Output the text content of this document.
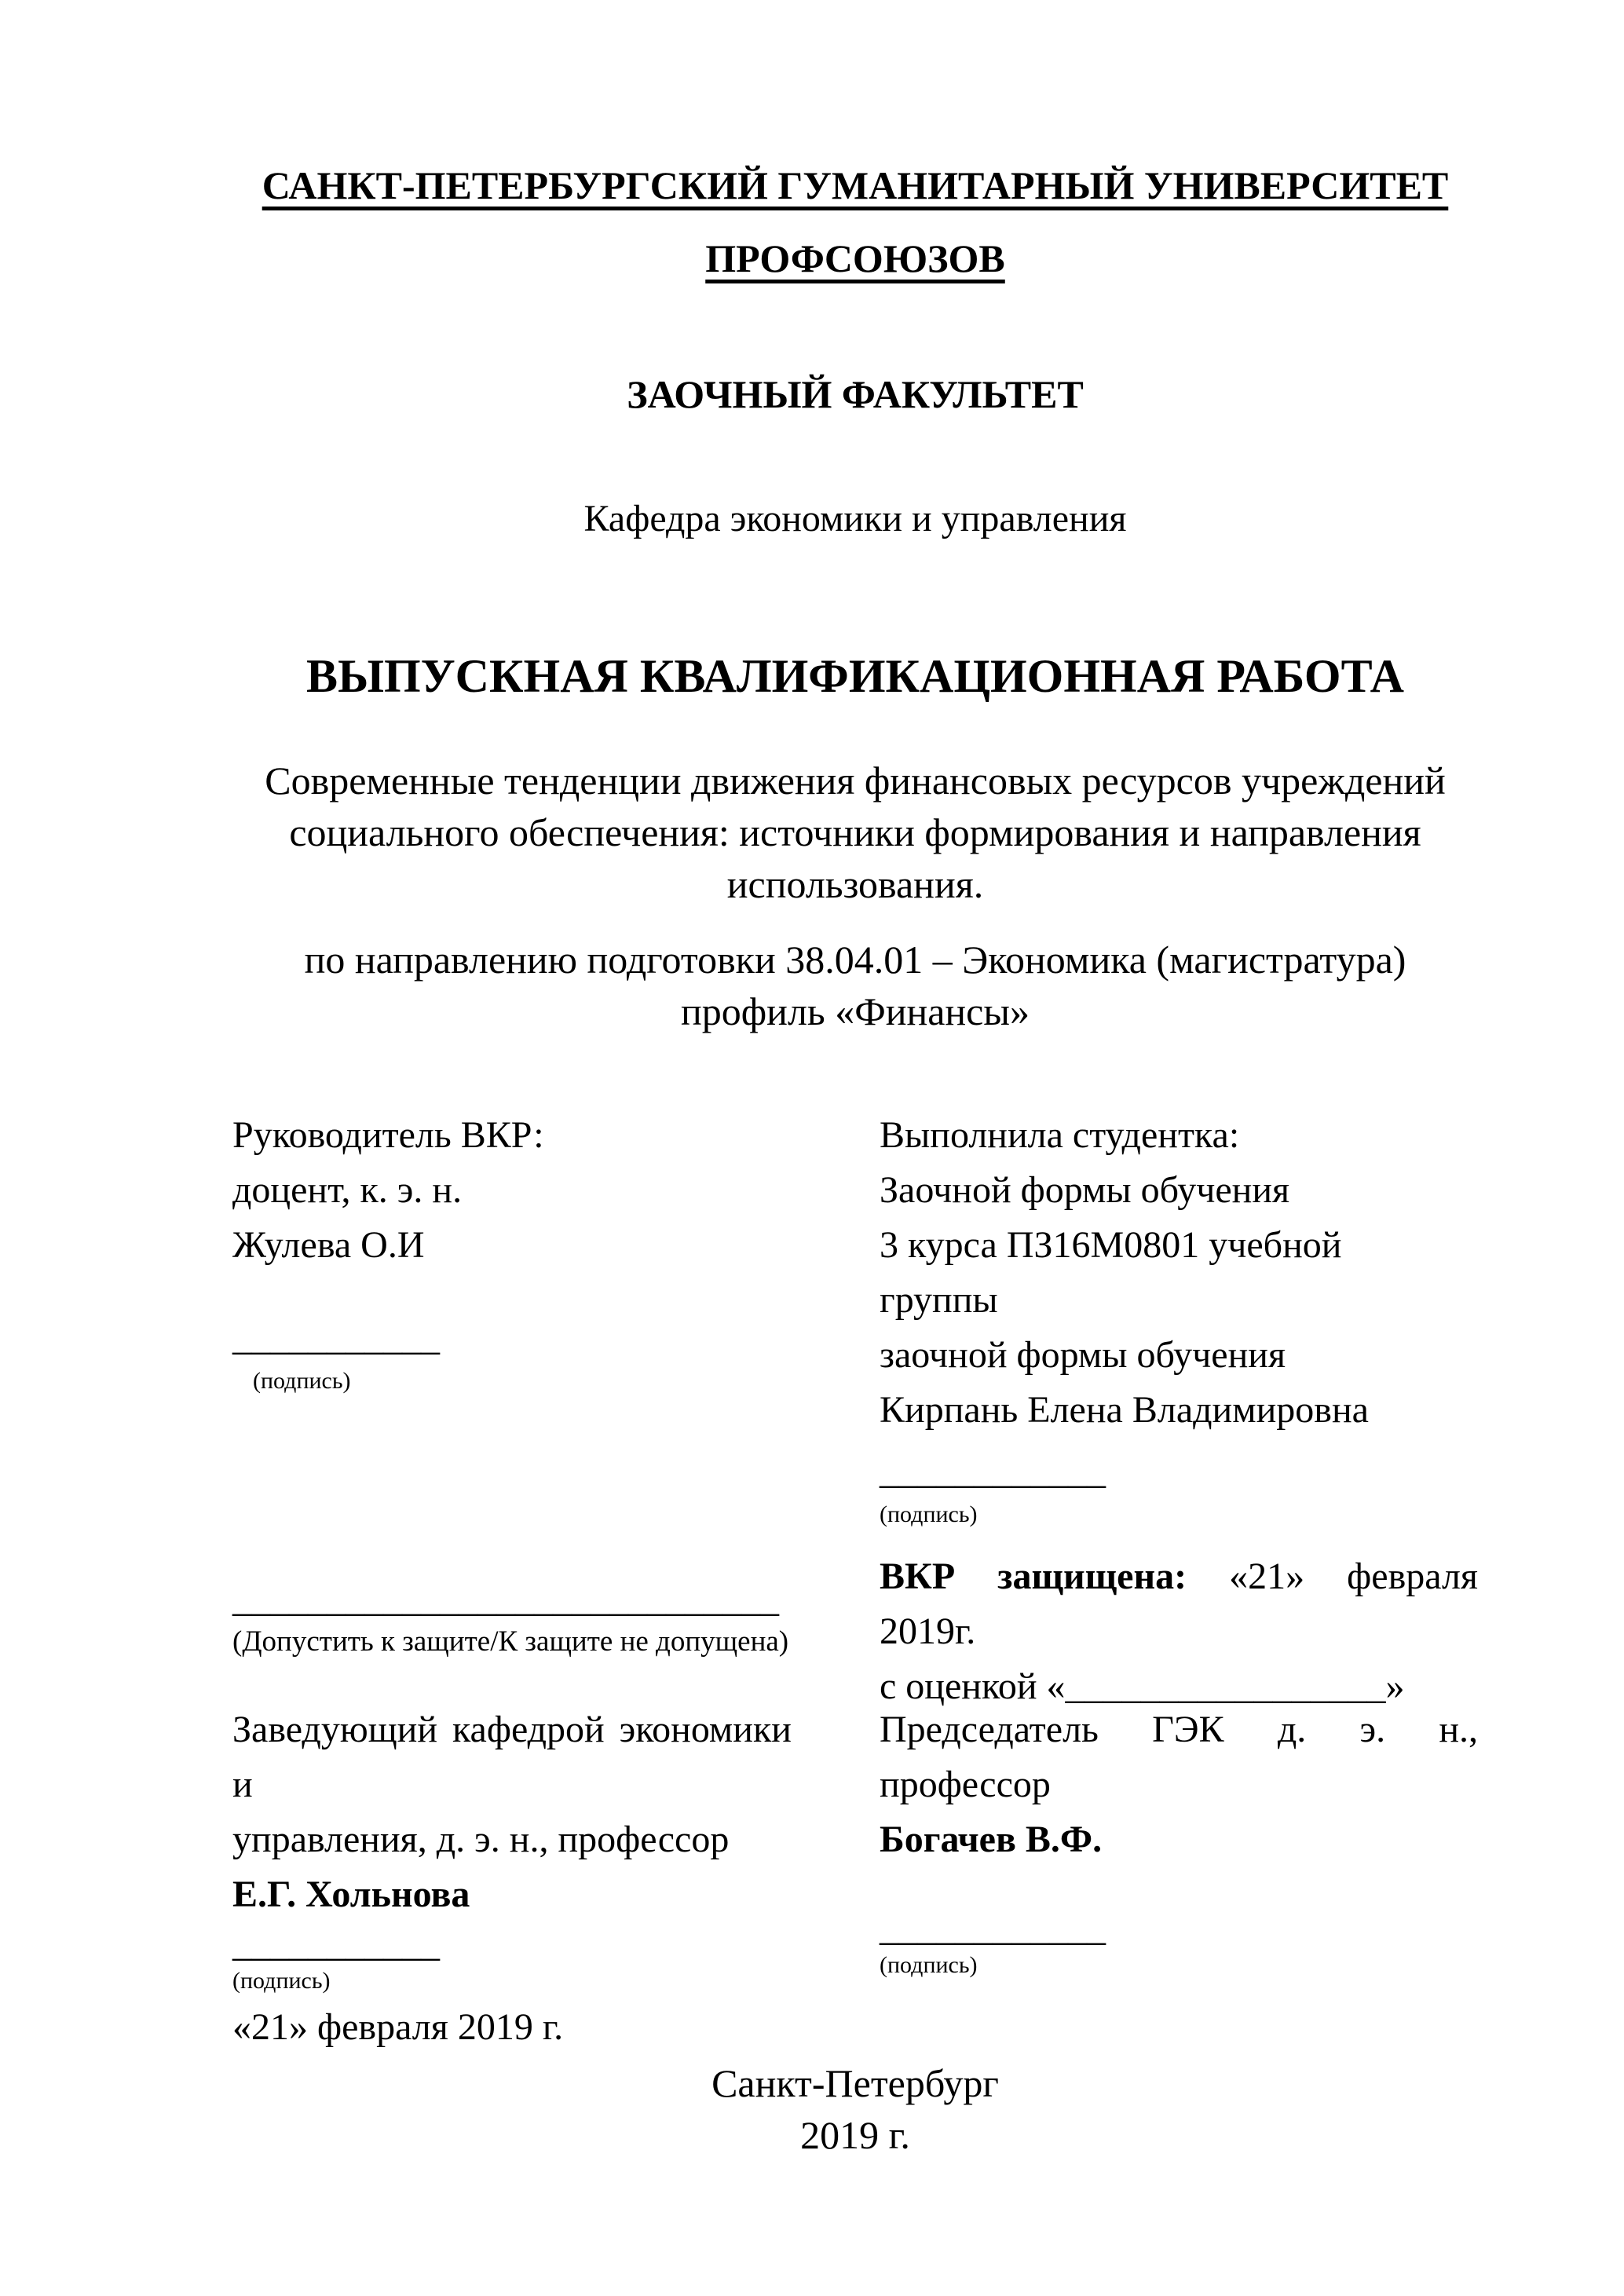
САНКТ-ПЕТЕРБУРГСКИЙ ГУМАНИТАРНЫЙ УНИВЕРСИТЕТ
ПРОФСОЮЗОВ
ЗАОЧНЫЙ ФАКУЛЬТЕТ
Кафедра экономики и управления
ВЫПУСКНАЯ КВАЛИФИКАЦИОННАЯ РАБОТА
Современные тенденции движения финансовых ресурсов учреждений
социального обеспечения: источники формирования и направления
использования.
по направлению подготовки 38.04.01 – Экономика (магистратура)
профиль «Финансы»
Руководитель ВКР:
доцент, к. э. н.
Жулева О.И
___________
(подпись)
_____________________________
(Допустить к защите/К защите не допущена)
Выполнила студентка:
Заочной формы обучения
3 курса ПЗ16М0801 учебной
группы
заочной формы обучения
Кирпань Елена Владимировна
____________
(подпись)
ВКР защищена: «21» февраля
2019г.
с оценкой «_________________»
Заведующий кафедрой экономики и
управления, д. э. н., профессор
Е.Г. Хольнова
___________
(подпись)
«21» февраля 2019 г.
Председатель ГЭК д. э. н.,
профессор
Богачев В.Ф.
____________
(подпись)
Санкт-Петербург
2019 г.
